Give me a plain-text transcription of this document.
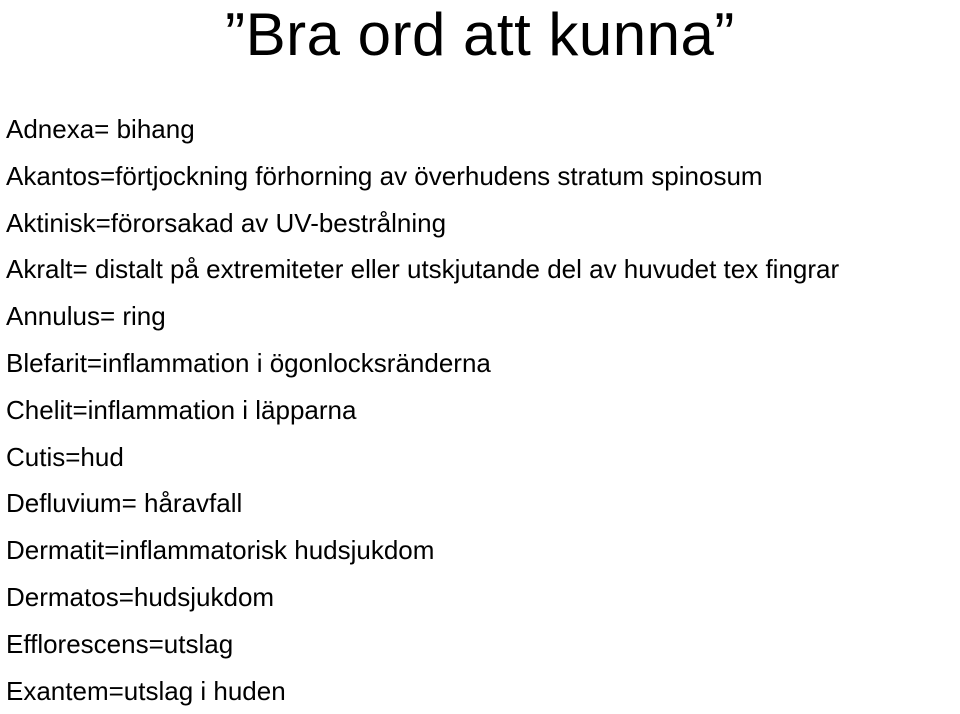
”Bra ord att kunna”
Adnexa= bihang
Akantos=förtjockning förhorning av överhudens stratum spinosum
Aktinisk=förorsakad av UV-bestrålning
Akralt= distalt på extremiteter eller utskjutande del av huvudet tex fingrar
Annulus= ring
Blefarit=inflammation i ögonlocksränderna
Chelit=inflammation i läpparna
Cutis=hud
Defluvium= håravfall
Dermatit=inflammatorisk hudsjukdom
Dermatos=hudsjukdom
Efflorescens=utslag
Exantem=utslag i huden
